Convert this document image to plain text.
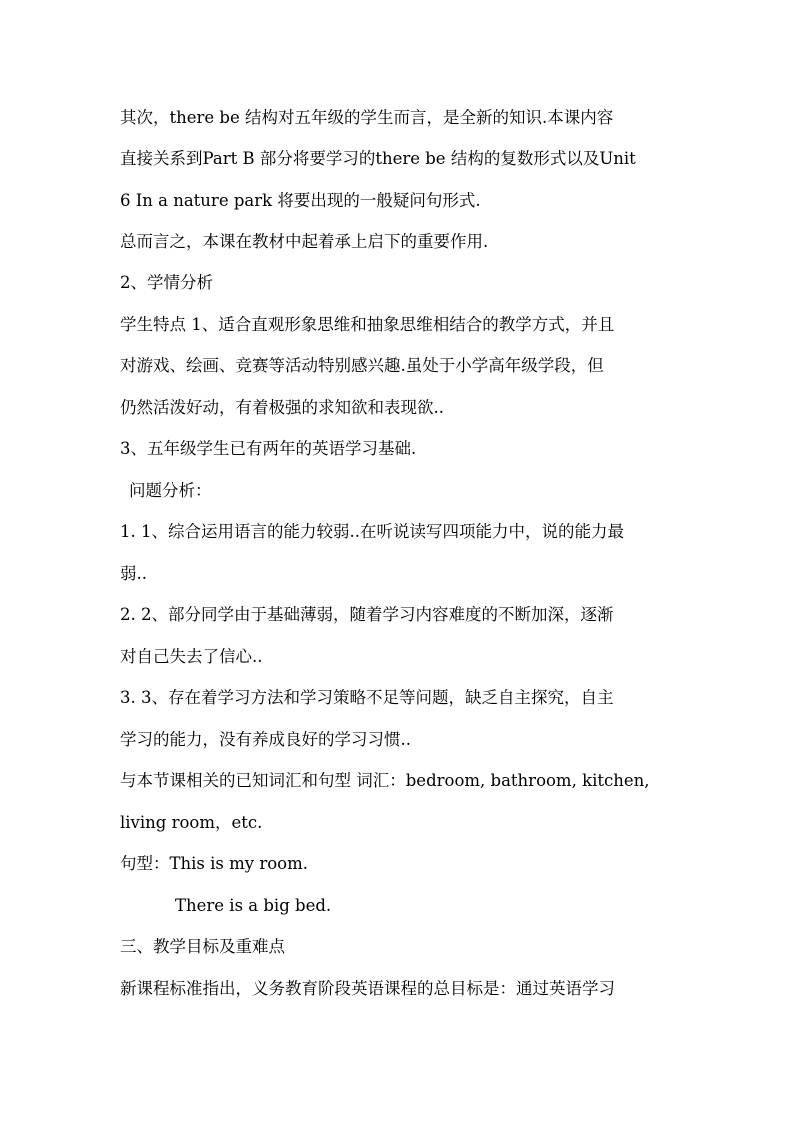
其次，there be 结构对五年级的学生而言，是全新的知识.本课内容
直接关系到Part B 部分将要学习的there be 结构的复数形式以及Unit
6 In a nature park 将要出现的一般疑问句形式.
总而言之，本课在教材中起着承上启下的重要作用.
2、学情分析
学生特点 1、适合直观形象思维和抽象思维相结合的教学方式，并且
对游戏、绘画、竞赛等活动特别感兴趣.虽处于小学高年级学段，但
仍然活泼好动，有着极强的求知欲和表现欲..
3、五年级学生已有两年的英语学习基础.
问题分析：
1. 1、综合运用语言的能力较弱..在听说读写四项能力中，说的能力最
弱..
2. 2、部分同学由于基础薄弱，随着学习内容难度的不断加深，逐渐
对自己失去了信心..
3. 3、存在着学习方法和学习策略不足等问题，缺乏自主探究，自主
学习的能力，没有养成良好的学习习惯..
与本节课相关的已知词汇和句型 词汇：bedroom, bathroom, kitchen,
living room，etc.
句型：This is my room.
There is a big bed.
三、教学目标及重难点
新课程标准指出，义务教育阶段英语课程的总目标是：通过英语学习
